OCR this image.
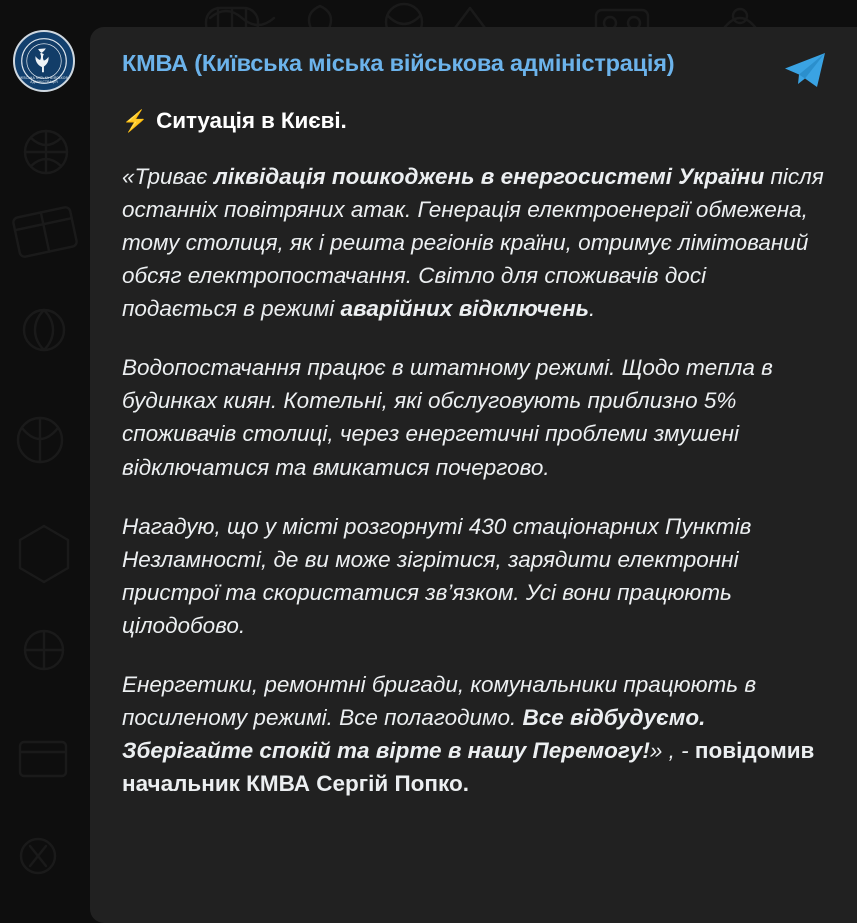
КИЇВСЬКА МІСЬКА ВІЙСЬКОВА АДМІНІСТРАЦІЯ
КМВА (Київська міська військова адміністрація)
⚡ Ситуація в Києві.

«Триває ліквідація пошкоджень в енергосистемі України після останніх повітряних атак. Генерація електроенергії обмежена, тому столиця, як і решта регіонів країни, отримує лімітований обсяг електропостачання. Світло для споживачів досі подається в режимі аварійних відключень.

Водопостачання працює в штатному режимі. Щодо тепла в будинках киян. Котельні, які обслуговують приблизно 5% споживачів столиці, через енергетичні проблеми змушені відключатися та вмикатися почергово.

Нагадую, що у місті розгорнуті 430 стаціонарних Пунктів Незламності, де ви може зігрітися, зарядити електронні пристрої та скористатися зв’язком. Усі вони працюють цілодобово.

Енергетики, ремонтні бригади, комунальники працюють в посиленому режимі. Все полагодимо. Все відбудуємо. Зберігайте спокій та вірте в нашу Перемогу!» , - повідомив начальник КМВА Сергій Попко.
